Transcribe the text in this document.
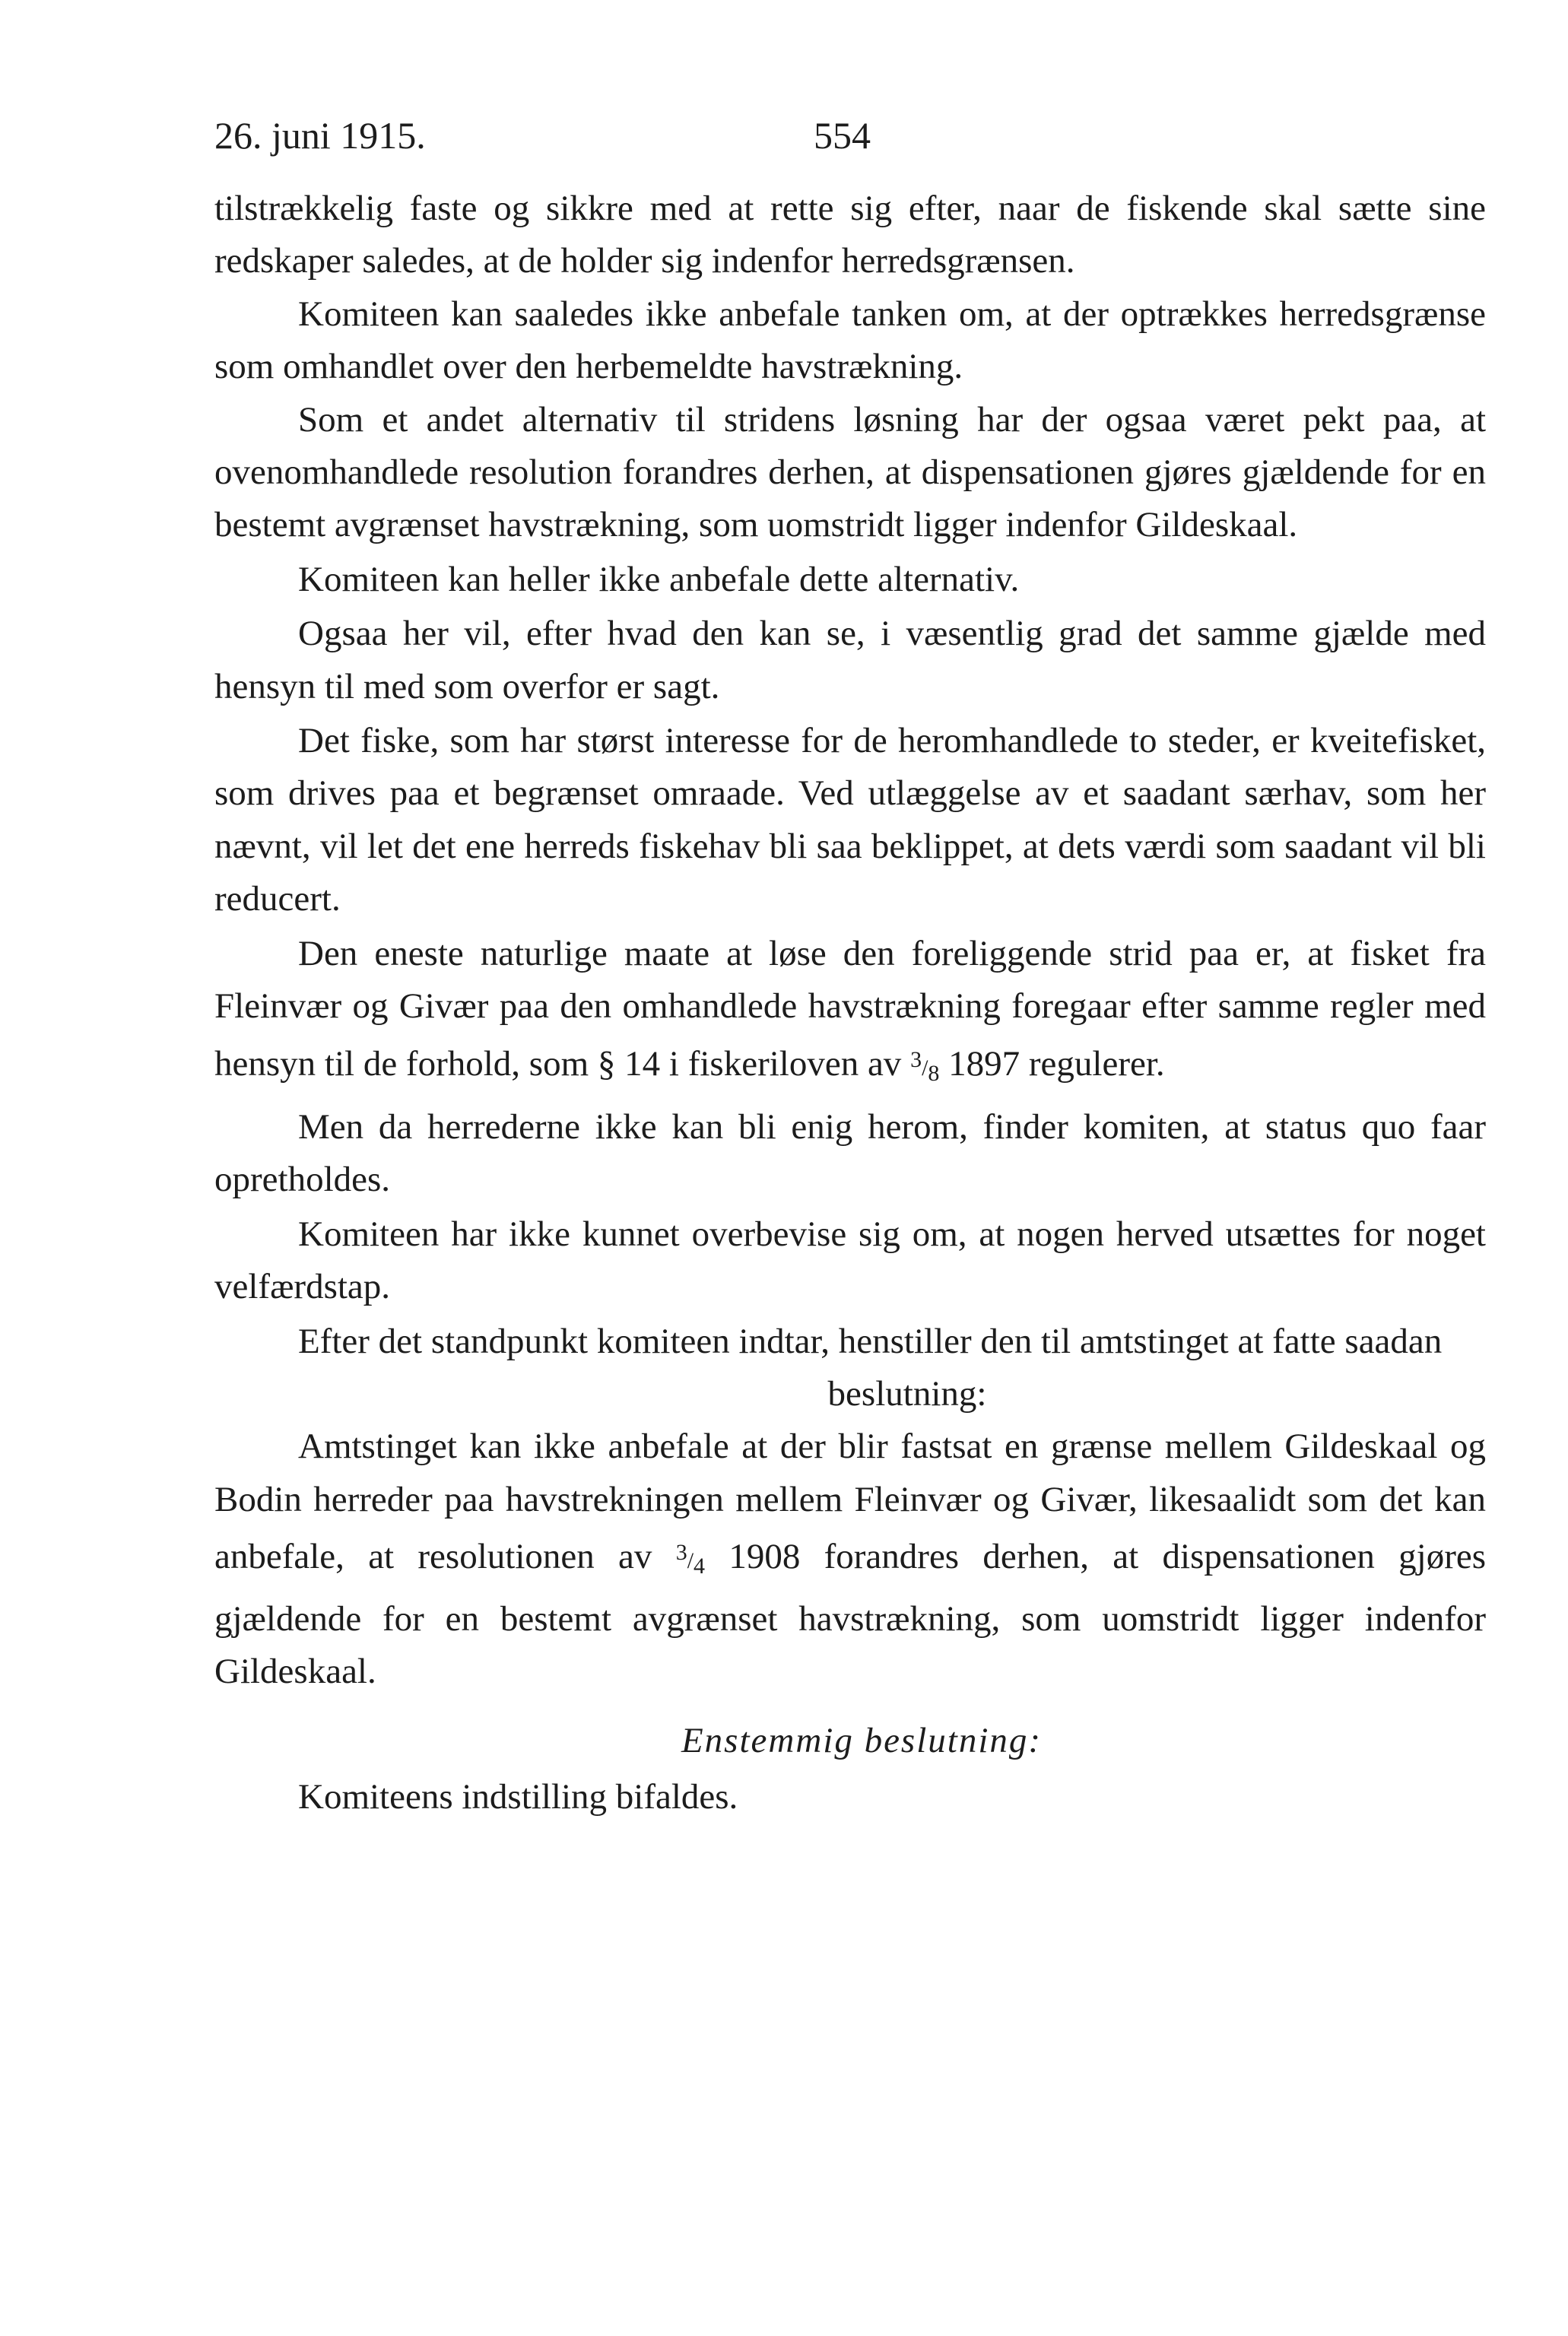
26. juni 1915.	554

tilstrækkelig faste og sikkre med at rette sig efter, naar de fiskende skal sætte sine redskaper saledes, at de holder sig indenfor herredsgrænsen.

Komiteen kan saaledes ikke anbefale tanken om, at der optrækkes herredsgrænse som omhandlet over den herbemeldte havstrækning.

Som et andet alternativ til stridens løsning har der ogsaa været pekt paa, at ovenomhandlede resolution forandres derhen, at dispensationen gjøres gjældende for en bestemt avgrænset havstrækning, som uomstridt ligger indenfor Gildeskaal.

Komiteen kan heller ikke anbefale dette alternativ.

Ogsaa her vil, efter hvad den kan se, i væsentlig grad det samme gjælde med hensyn til med som overfor er sagt.

Det fiske, som har størst interesse for de heromhandlede to steder, er kveitefisket, som drives paa et begrænset omraade. Ved utlæggelse av et saadant særhav, som her nævnt, vil let det ene herreds fiskehav bli saa beklippet, at dets værdi som saadant vil bli reducert.

Den eneste naturlige maate at løse den foreliggende strid paa er, at fisket fra Fleinvær og Givær paa den omhandlede havstrækning foregaar efter samme regler med hensyn til de forhold, som § 14 i fiskeriloven av $^3/_8$ 1897 regulerer.

Men da herrederne ikke kan bli enig herom, finder komiten, at status quo faar opretholdes.

Komiteen har ikke kunnet overbevise sig om, at nogen herved utsættes for noget velfærdstap.

Efter det standpunkt komiteen indtar, henstiller den til amtstinget at fatte saadan

beslutning:

Amtstinget kan ikke anbefale at der blir fastsat en grænse mellem Gildeskaal og Bodin herreder paa havstrekningen mellem Fleinvær og Givær, likesaalidt som det kan anbefale, at resolutionen av $^3/_4$ 1908 forandres derhen, at dispensationen gjøres gjældende for en bestemt avgrænset havstrækning, som uomstridt ligger indenfor Gildeskaal.

Enstemmig beslutning:

Komiteens indstilling bifaldes.
